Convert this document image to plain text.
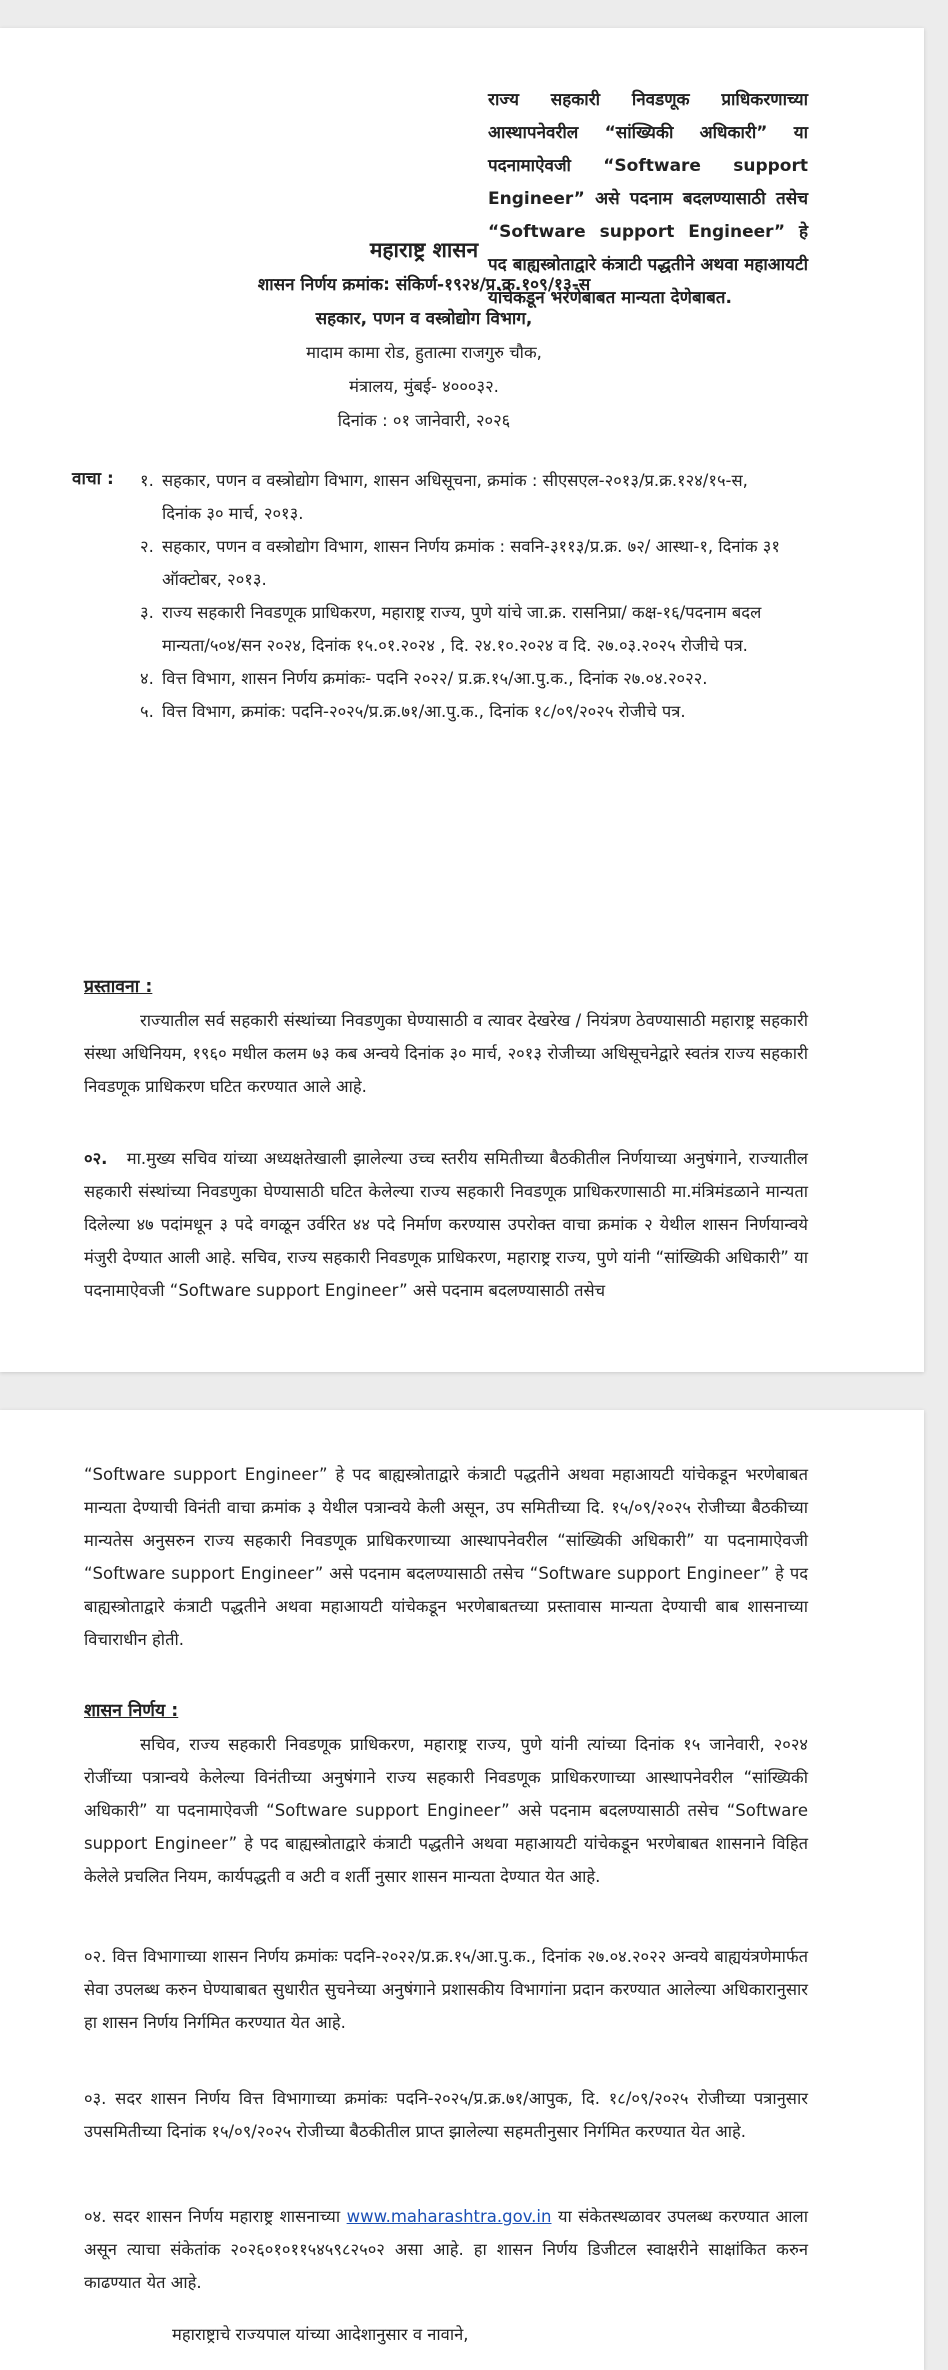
राज्य सहकारी निवडणूक प्राधिकरणाच्या आस्थापनेवरील “सांख्यिकी अधिकारी” या पदनामाऐवजी “Software support Engineer” असे पदनाम बदलण्यासाठी तसेच “Software support Engineer” हे पद बाह्यस्त्रोताद्वारे कंत्राटी पद्धतीने अथवा महाआयटी यांचेकडून भरणेबाबत मान्यता देणेबाबत.
महाराष्ट्र शासन
शासन निर्णय क्रमांक: संकिर्ण-१९२४/प्र.क्र.१०९/१३-स
सहकार, पणन व वस्त्रोद्योग विभाग,
मादाम कामा रोड, हुतात्मा राजगुरु चौक,
मंत्रालय, मुंबई- ४०००३२.
दिनांक : ०१ जानेवारी, २०२६
वाचा : १. सहकार, पणन व वस्त्रोद्योग विभाग, शासन अधिसूचना, क्रमांक : सीएसएल-२०१३/प्र.क्र.१२४/१५-स, दिनांक ३० मार्च, २०१३.
२. सहकार, पणन व वस्त्रोद्योग विभाग, शासन निर्णय क्रमांक : सवनि-३११३/प्र.क्र. ७२/ आस्था-१, दिनांक ३१ ऑक्टोबर, २०१३.
३. राज्य सहकारी निवडणूक प्राधिकरण, महाराष्ट्र राज्य, पुणे यांचे जा.क्र. रासनिप्रा/ कक्ष-१६/पदनाम बदल मान्यता/५०४/सन २०२४, दिनांक १५.०१.२०२४ , दि. २४.१०.२०२४ व दि. २७.०३.२०२५ रोजीचे पत्र.
४. वित्त विभाग, शासन निर्णय क्रमांकः- पदनि २०२२/ प्र.क्र.१५/आ.पु.क., दिनांक २७.०४.२०२२.
५. वित्त विभाग, क्रमांक: पदनि-२०२५/प्र.क्र.७१/आ.पु.क., दिनांक १८/०९/२०२५ रोजीचे पत्र.
प्रस्तावना :
राज्यातील सर्व सहकारी संस्थांच्या निवडणुका घेण्यासाठी व त्यावर देखरेख / नियंत्रण ठेवण्यासाठी महाराष्ट्र सहकारी संस्था अधिनियम, १९६० मधील कलम ७३ कब अन्वये दिनांक ३० मार्च, २०१३ रोजीच्या अधिसूचनेद्वारे स्वतंत्र राज्य सहकारी निवडणूक प्राधिकरण घटित करण्यात आले आहे.
०२. मा.मुख्य सचिव यांच्या अध्यक्षतेखाली झालेल्या उच्च स्तरीय समितीच्या बैठकीतील निर्णयाच्या अनुषंगाने, राज्यातील सहकारी संस्थांच्या निवडणुका घेण्यासाठी घटित केलेल्या राज्य सहकारी निवडणूक प्राधिकरणासाठी मा.मंत्रिमंडळाने मान्यता दिलेल्या ४७ पदांमधून ३ पदे वगळून उर्वरित ४४ पदे निर्माण करण्यास उपरोक्त वाचा क्रमांक २ येथील शासन निर्णयान्वये मंजुरी देण्यात आली आहे. सचिव, राज्य सहकारी निवडणूक प्राधिकरण, महाराष्ट्र राज्य, पुणे यांनी “सांख्यिकी अधिकारी” या पदनामाऐवजी “Software support Engineer” असे पदनाम बदलण्यासाठी तसेच
“Software support Engineer” हे पद बाह्यस्त्रोताद्वारे कंत्राटी पद्धतीने अथवा महाआयटी यांचेकडून भरणेबाबत मान्यता देण्याची विनंती वाचा क्रमांक ३ येथील पत्रान्वये केली असून, उप समितीच्या दि. १५/०९/२०२५ रोजीच्या बैठकीच्या मान्यतेस अनुसरुन राज्य सहकारी निवडणूक प्राधिकरणाच्या आस्थापनेवरील “सांख्यिकी अधिकारी” या पदनामाऐवजी “Software support Engineer” असे पदनाम बदलण्यासाठी तसेच “Software support Engineer” हे पद बाह्यस्त्रोताद्वारे कंत्राटी पद्धतीने अथवा महाआयटी यांचेकडून भरणेबाबतच्या प्रस्तावास मान्यता देण्याची बाब शासनाच्या विचाराधीन होती.
शासन निर्णय :
सचिव, राज्य सहकारी निवडणूक प्राधिकरण, महाराष्ट्र राज्य, पुणे यांनी त्यांच्या दिनांक १५ जानेवारी, २०२४ रोजींच्या पत्रान्वये केलेल्या विनंतीच्या अनुषंगाने राज्य सहकारी निवडणूक प्राधिकरणाच्या आस्थापनेवरील “सांख्यिकी अधिकारी” या पदनामाऐवजी “Software support Engineer” असे पदनाम बदलण्यासाठी तसेच “Software support Engineer” हे पद बाह्यस्त्रोताद्वारे कंत्राटी पद्धतीने अथवा महाआयटी यांचेकडून भरणेबाबत शासनाने विहित केलेले प्रचलित नियम, कार्यपद्धती व अटी व शर्ती नुसार शासन मान्यता देण्यात येत आहे.
०२. वित्त विभागाच्या शासन निर्णय क्रमांकः पदनि-२०२२/प्र.क्र.१५/आ.पु.क., दिनांक २७.०४.२०२२ अन्वये बाह्ययंत्रणेमार्फत सेवा उपलब्ध करुन घेण्याबाबत सुधारीत सुचनेच्या अनुषंगाने प्रशासकीय विभागांना प्रदान करण्यात आलेल्या अधिकारानुसार हा शासन निर्णय निर्गमित करण्यात येत आहे.
०३. सदर शासन निर्णय वित्त विभागाच्या क्रमांकः पदनि-२०२५/प्र.क्र.७१/आपुक, दि. १८/०९/२०२५ रोजीच्या पत्रानुसार उपसमितीच्या दिनांक १५/०९/२०२५ रोजीच्या बैठकीतील प्राप्त झालेल्या सहमतीनुसार निर्गमित करण्यात येत आहे.
०४. सदर शासन निर्णय महाराष्ट्र शासनाच्या www.maharashtra.gov.in या संकेतस्थळावर उपलब्ध करण्यात आला असून त्याचा संकेतांक २०२६०१०११५४५९८२५०२ असा आहे. हा शासन निर्णय डिजीटल स्वाक्षरीने साक्षांकित करुन काढण्यात येत आहे.
महाराष्ट्राचे राज्यपाल यांच्या आदेशानुसार व नावाने,
